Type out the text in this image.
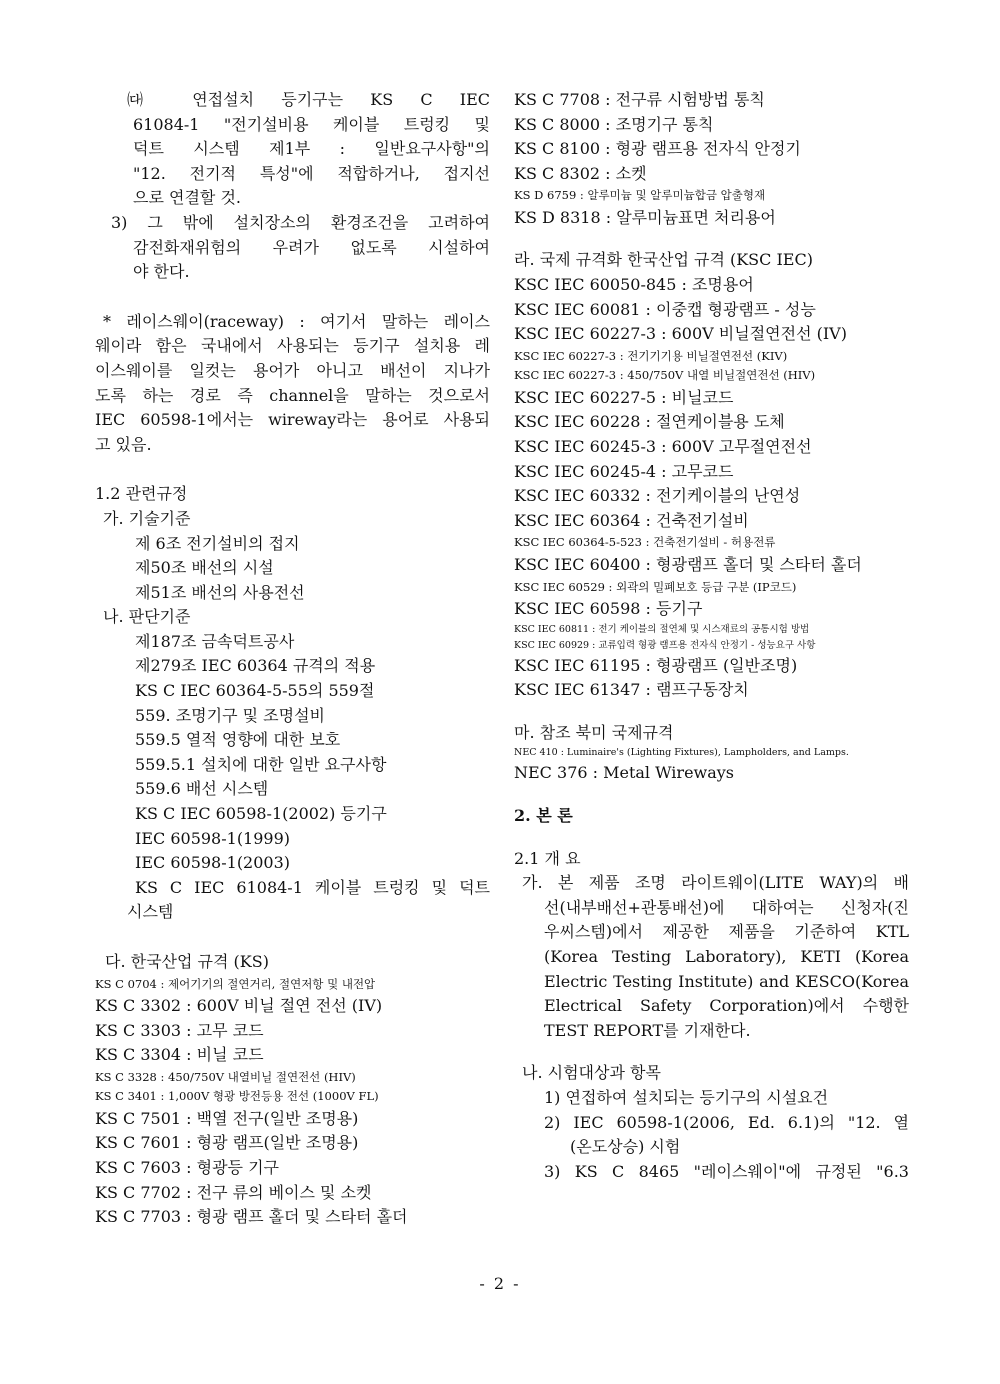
㈐ 연접설치 등기구는 KS C IEC
61084-1 "전기설비용 케이블 트렁킹 및
덕트 시스템 제1부 : 일반요구사항"의
"12. 전기적 특성"에 적합하거나, 접지선
으로 연결할 것.
3) 그 밖에 설치장소의 환경조건을 고려하여
감전화재위험의 우려가 없도록 시설하여
야 한다.
* 레이스웨이(raceway) : 여기서 말하는 레이스
웨이라 함은 국내에서 사용되는 등기구 설치용 레
이스웨이를 일컷는 용어가 아니고 배선이 지나가
도록 하는 경로 즉 channel을 말하는 것으로서
IEC 60598-1에서는 wireway라는 용어로 사용되
고 있음.
1.2 관련규정
가. 기술기준
제 6조 전기설비의 접지
제50조 배선의 시설
제51조 배선의 사용전선
나. 판단기준
제187조 금속덕트공사
제279조 IEC 60364 규격의 적용
KS C IEC 60364-5-55의 559절
559. 조명기구 및 조명설비
559.5 열적 영향에 대한 보호
559.5.1 설치에 대한 일반 요구사항
559.6 배선 시스템
KS C IEC 60598-1(2002) 등기구
IEC 60598-1(1999)
IEC 60598-1(2003)
KS C IEC 61084-1 케이블 트렁킹 및 덕트
시스템
다. 한국산업 규격 (KS)
KS C 0704 : 제어기기의 절연거리, 절연저항 및 내전압
KS C 3302 : 600V 비닐 절연 전선 (IV)
KS C 3303 : 고무 코드
KS C 3304 : 비닐 코드
KS C 3328 : 450/750V 내열비닐 절연전선 (HIV)
KS C 3401 : 1,000V 형광 방전등용 전선 (1000V FL)
KS C 7501 : 백열 전구(일반 조명용)
KS C 7601 : 형광 램프(일반 조명용)
KS C 7603 : 형광등 기구
KS C 7702 : 전구 류의 베이스 및 소켓
KS C 7703 : 형광 램프 홀더 및 스타터 홀더
KS C 7708 : 전구류 시험방법 통칙
KS C 8000 : 조명기구 통칙
KS C 8100 : 형광 램프용 전자식 안정기
KS C 8302 : 소켓
KS D 6759 : 알루미늄 및 알루미늄합금 압출형재
KS D 8318 : 알루미늄표면 처리용어
라. 국제 규격화 한국산업 규격 (KSC IEC)
KSC IEC 60050-845 : 조명용어
KSC IEC 60081 : 이중캡 형광램프 - 성능
KSC IEC 60227-3 : 600V 비닐절연전선 (IV)
KSC IEC 60227-3 : 전기기기용 비닐절연전선 (KIV)
KSC IEC 60227-3 : 450/750V 내열 비닐절연전선 (HIV)
KSC IEC 60227-5 : 비닐코드
KSC IEC 60228 : 절연케이블용 도체
KSC IEC 60245-3 : 600V 고무절연전선
KSC IEC 60245-4 : 고무코드
KSC IEC 60332 : 전기케이블의 난연성
KSC IEC 60364 : 건축전기설비
KSC IEC 60364-5-523 : 건축전기설비 - 허용전류
KSC IEC 60400 : 형광램프 홀더 및 스타터 홀더
KSC IEC 60529 : 외곽의 밀폐보호 등급 구분 (IP코드)
KSC IEC 60598 : 등기구
KSC IEC 60811 : 전기 케이블의 절연체 및 시스재료의 공통시험 방법
KSC IEC 60929 : 교류입력 형광 램프용 전자식 안정기 - 성능요구 사항
KSC IEC 61195 : 형광램프 (일반조명)
KSC IEC 61347 : 램프구동장치
마. 참조 북미 국제규격
NEC 410 : Luminaire's (Lighting Fixtures), Lampholders, and Lamps.
NEC 376 : Metal Wireways
2. 본 론
2.1 개 요
가. 본 제품 조명 라이트웨이(LITE WAY)의 배
선(내부배선+관통배선)에 대하여는 신청자(진
우씨스템)에서 제공한 제품을 기준하여 KTL
(Korea Testing Laboratory), KETI (Korea
Electric Testing Institute) and KESCO(Korea
Electrical Safety Corporation)에서 수행한
TEST REPORT를 기재한다.
나. 시험대상과 항목
1) 연접하여 설치되는 등기구의 시설요건
2) IEC 60598-1(2006, Ed. 6.1)의 "12. 열
(온도상승) 시험
3) KS C 8465 "레이스웨이"에 규정된 "6.3
- 2 -
